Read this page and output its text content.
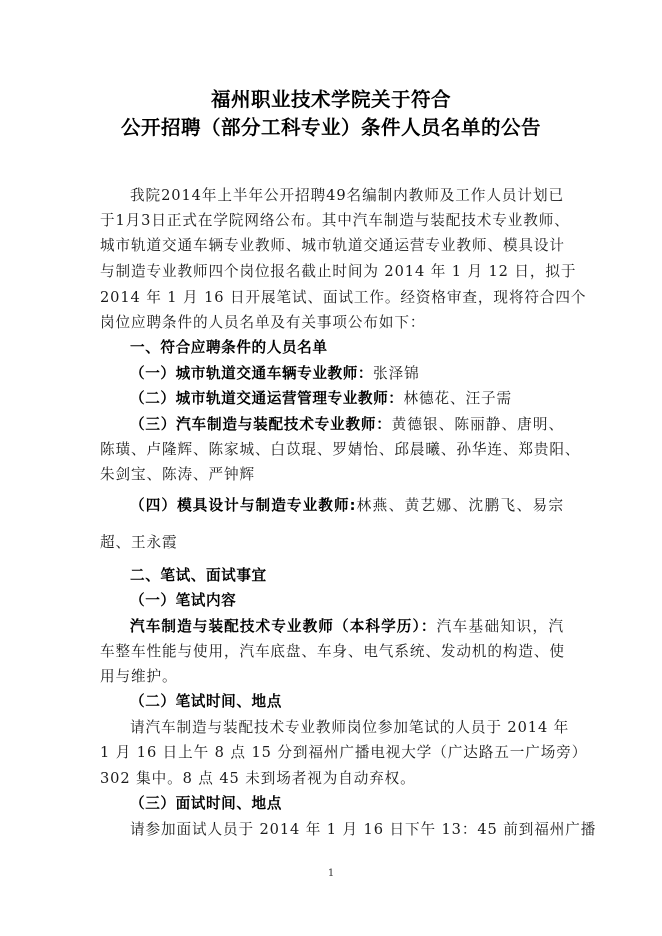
福州职业技术学院关于符合
公开招聘（部分工科专业）条件人员名单的公告
我院2014年上半年公开招聘49名编制内教师及工作人员计划已
于1月3日正式在学院网络公布。其中汽车制造与装配技术专业教师、
城市轨道交通车辆专业教师、城市轨道交通运营专业教师、模具设计
与制造专业教师四个岗位报名截止时间为 2014 年 1 月 12 日，拟于
2014 年 1 月 16 日开展笔试、面试工作。经资格审查，现将符合四个
岗位应聘条件的人员名单及有关事项公布如下：
一、符合应聘条件的人员名单
（一）城市轨道交通车辆专业教师：张泽锦
（二）城市轨道交通运营管理专业教师：林德花、汪子需
（三）汽车制造与装配技术专业教师：黄德银、陈丽静、唐明、
陈璜、卢隆辉、陈家城、白苡琨、罗婧怡、邱晨曦、孙华连、郑贵阳、
朱剑宝、陈涛、严钟辉
（四）模具设计与制造专业教师:林燕、黄艺娜、沈鹏飞、易宗
超、王永霞
二、笔试、面试事宜
（一）笔试内容
汽车制造与装配技术专业教师（本科学历）：汽车基础知识，汽
车整车性能与使用，汽车底盘、车身、电气系统、发动机的构造、使
用与维护。
（二）笔试时间、地点
请汽车制造与装配技术专业教师岗位参加笔试的人员于 2014 年
1 月 16 日上午 8 点 15 分到福州广播电视大学（广达路五一广场旁）
302 集中。8 点 45 未到场者视为自动弃权。
（三）面试时间、地点
请参加面试人员于 2014 年 1 月 16 日下午 13：45 前到福州广播
1
